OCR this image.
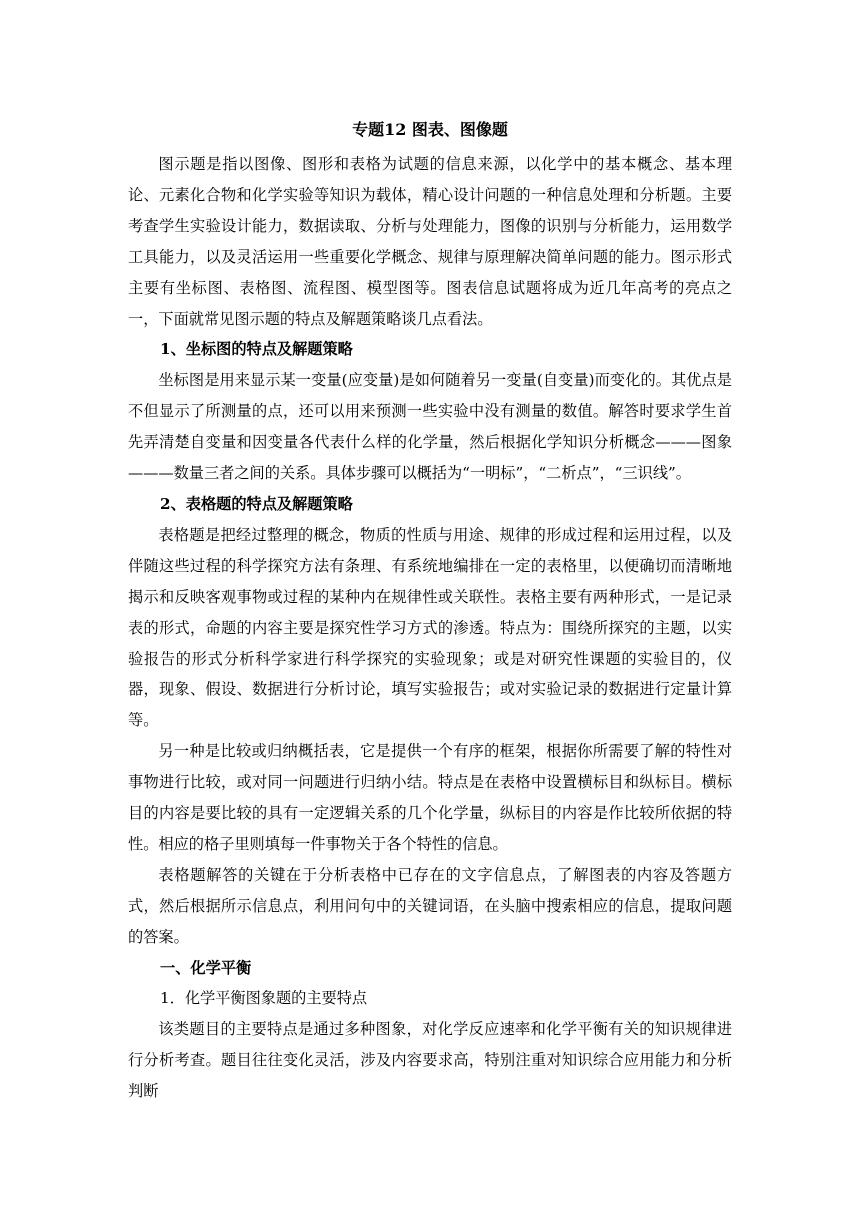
专题12 图表、图像题

图示题是指以图像、图形和表格为试题的信息来源，以化学中的基本概念、基本理论、元素化合物和化学实验等知识为载体，精心设计问题的一种信息处理和分析题。主要考查学生实验设计能力，数据读取、分析与处理能力，图像的识别与分析能力，运用数学工具能力，以及灵活运用一些重要化学概念、规律与原理解决简单问题的能力。图示形式主要有坐标图、表格图、流程图、模型图等。图表信息试题将成为近几年高考的亮点之一，下面就常见图示题的特点及解题策略谈几点看法。

1、坐标图的特点及解题策略

坐标图是用来显示某一变量(应变量)是如何随着另一变量(自变量)而变化的。其优点是不但显示了所测量的点，还可以用来预测一些实验中没有测量的数值。解答时要求学生首先弄清楚自变量和因变量各代表什么样的化学量，然后根据化学知识分析概念———图象———数量三者之间的关系。具体步骤可以概括为“一明标”，“二析点”，“三识线”。

2、表格题的特点及解题策略

表格题是把经过整理的概念，物质的性质与用途、规律的形成过程和运用过程，以及伴随这些过程的科学探究方法有条理、有系统地编排在一定的表格里，以便确切而清晰地揭示和反映客观事物或过程的某种内在规律性或关联性。表格主要有两种形式，一是记录表的形式，命题的内容主要是探究性学习方式的渗透。特点为：围绕所探究的主题，以实验报告的形式分析科学家进行科学探究的实验现象；或是对研究性课题的实验目的，仪器，现象、假设、数据进行分析讨论，填写实验报告；或对实验记录的数据进行定量计算等。

另一种是比较或归纳概括表，它是提供一个有序的框架，根据你所需要了解的特性对事物进行比较，或对同一问题进行归纳小结。特点是在表格中设置横标目和纵标目。横标目的内容是要比较的具有一定逻辑关系的几个化学量，纵标目的内容是作比较所依据的特性。相应的格子里则填每一件事物关于各个特性的信息。

表格题解答的关键在于分析表格中已存在的文字信息点，了解图表的内容及答题方式，然后根据所示信息点，利用问句中的关键词语，在头脑中搜索相应的信息，提取问题的答案。

一、化学平衡

1．化学平衡图象题的主要特点

该类题目的主要特点是通过多种图象，对化学反应速率和化学平衡有关的知识规律进行分析考查。题目往往变化灵活，涉及内容要求高，特别注重对知识综合应用能力和分析判断
